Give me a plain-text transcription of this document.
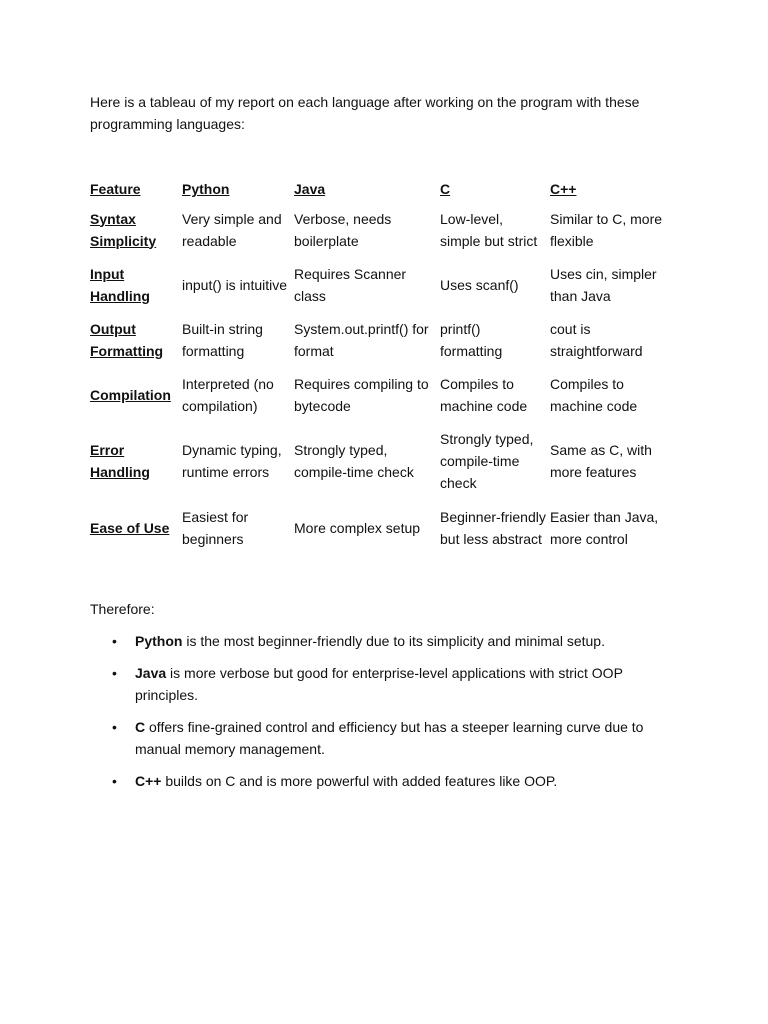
Here is a tableau of my report on each language after working on the program with these programming languages:

Feature	Python	Java	C	C++
Syntax Simplicity	Very simple and readable	Verbose, needs boilerplate	Low-level, simple but strict	Similar to C, more flexible
Input Handling	input() is intuitive	Requires Scanner class	Uses scanf()	Uses cin, simpler than Java
Output Formatting	Built-in string formatting	System.out.printf() for format	printf() formatting	cout is straightforward
Compilation	Interpreted (no compilation)	Requires compiling to bytecode	Compiles to machine code	Compiles to machine code
Error Handling	Dynamic typing, runtime errors	Strongly typed, compile-time check	Strongly typed, compile-time check	Same as C, with more features
Ease of Use	Easiest for beginners	More complex setup	Beginner-friendly but less abstract	Easier than Java, more control

Therefore:

• Python is the most beginner-friendly due to its simplicity and minimal setup.
• Java is more verbose but good for enterprise-level applications with strict OOP principles.
• C offers fine-grained control and efficiency but has a steeper learning curve due to manual memory management.
• C++ builds on C and is more powerful with added features like OOP.
